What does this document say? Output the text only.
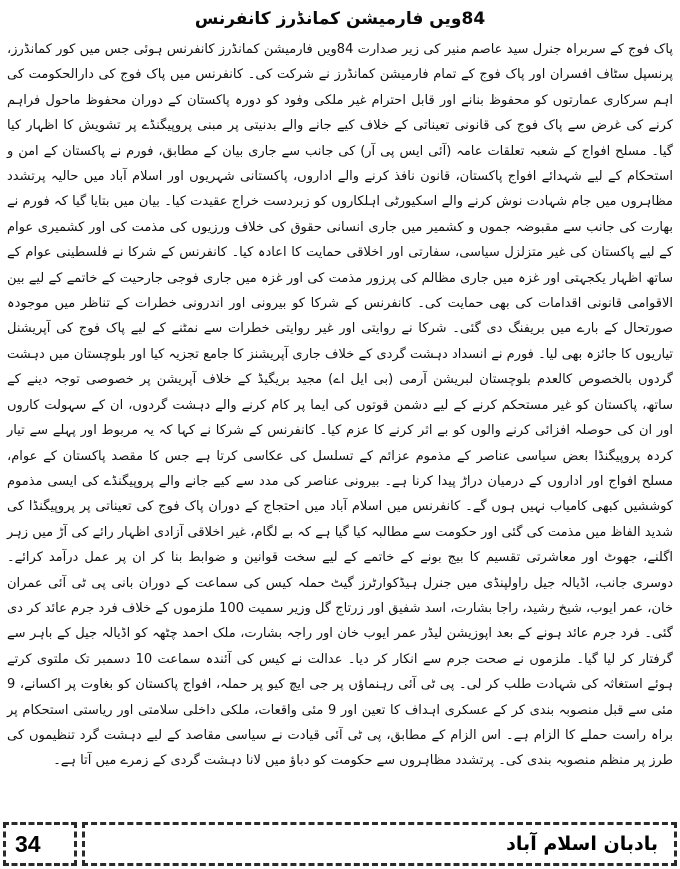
84ویں فارمیشن کمانڈرز کانفرنس
پاک فوج کے سربراہ جنرل سید عاصم منیر کی زیر صدارت 84ویں فارمیشن کمانڈرز کانفرنس ہوئی جس میں کور کمانڈرز، پرنسپل سٹاف افسران اور پاک فوج کے تمام فارمیشن کمانڈرز نے شرکت کی۔ کانفرنس میں پاک فوج کی دارالحکومت کی اہم سرکاری عمارتوں کو محفوظ بنانے اور قابل احترام غیر ملکی وفود کو دورہ پاکستان کے دوران محفوظ ماحول فراہم کرنے کی غرض سے پاک فوج کی قانونی تعیناتی کے خلاف کیے جانے والے بدنیتی پر مبنی پروپیگنڈے پر تشویش کا اظہار کیا گیا۔ مسلح افواج کے شعبہ تعلقات عامہ (آئی ایس پی آر) کی جانب سے جاری بیان کے مطابق، فورم نے پاکستان کے امن و استحکام کے لیے شہدائے افواج پاکستان، قانون نافذ کرنے والے اداروں، پاکستانی شہریوں اور اسلام آباد میں حالیہ پرتشدد مظاہروں میں جام شہادت نوش کرنے والے اسکیورٹی اہلکاروں کو زبردست خراج عقیدت کیا۔ بیان میں بتایا گیا کہ فورم نے بھارت کی جانب سے مقبوضہ جموں و کشمیر میں جاری انسانی حقوق کی خلاف ورزیوں کی مذمت کی اور کشمیری عوام کے لیے پاکستان کی غیر متزلزل سیاسی، سفارتی اور اخلاقی حمایت کا اعادہ کیا۔ کانفرنس کے شرکا نے فلسطینی عوام کے ساتھ اظہار یکجہتی اور غزہ میں جاری مظالم کی پرزور مذمت کی اور غزہ میں جاری فوجی جارحیت کے خاتمے کے لیے بین الاقوامی قانونی اقدامات کی بھی حمایت کی۔ کانفرنس کے شرکا کو بیرونی اور اندرونی خطرات کے تناظر میں موجودہ صورتحال کے بارے میں بریفنگ دی گئی۔ شرکا نے روایتی اور غیر روایتی خطرات سے نمٹنے کے لیے پاک فوج کی آپریشنل تیاریوں کا جائزہ بھی لیا۔ فورم نے انسداد دہشت گردی کے خلاف جاری آپریشنز کا جامع تجزیہ کیا اور بلوچستان میں دہشت گردوں بالخصوص کالعدم بلوچستان لبریشن آرمی (بی ایل اے) مجید بریگیڈ کے خلاف آپریشن پر خصوصی توجہ دینے کے ساتھ، پاکستان کو غیر مستحکم کرنے کے لیے دشمن قوتوں کی ایما پر کام کرنے والے دہشت گردوں، ان کے سہولت کاروں اور ان کی حوصلہ افزائی کرنے والوں کو بے اثر کرنے کا عزم کیا۔ کانفرنس کے شرکا نے کہا کہ یہ مربوط اور پہلے سے تیار کردہ پروپیگنڈا بعض سیاسی عناصر کے مذموم عزائم کے تسلسل کی عکاسی کرتا ہے جس کا مقصد پاکستان کے عوام، مسلح افواج اور اداروں کے درمیان دراڑ پیدا کرنا ہے۔ بیرونی عناصر کی مدد سے کیے جانے والے پروپیگنڈے کی ایسی مذموم کوششیں کبھی کامیاب نہیں ہوں گے۔ کانفرنس میں اسلام آباد میں احتجاج کے دوران پاک فوج کی تعیناتی پر پروپیگنڈا کی شدید الفاظ میں مذمت کی گئی اور حکومت سے مطالبہ کیا گیا ہے کہ بے لگام، غیر اخلاقی آزادی اظہار رائے کی آڑ میں زہر اگلنے، جھوٹ اور معاشرتی تقسیم کا بیج بونے کے خاتمے کے لیے سخت قوانین و ضوابط بنا کر ان پر عمل درآمد کرائے۔ دوسری جانب، اڈیالہ جیل راولپنڈی میں جنرل ہیڈکوارٹرز گیٹ حملہ کیس کی سماعت کے دوران بانی پی ٹی آئی عمران خان، عمر ایوب، شیخ رشید، راجا بشارت، اسد شفیق اور زرتاج گل وزیر سمیت 100 ملزموں کے خلاف فرد جرم عائد کر دی گئی۔ فرد جرم عائد ہونے کے بعد اپوزیشن لیڈر عمر ایوب خان اور راجہ بشارت، ملک احمد چٹھہ کو اڈیالہ جیل کے باہر سے گرفتار کر لیا گیا۔ ملزموں نے صحت جرم سے انکار کر دیا۔ عدالت نے کیس کی آئندہ سماعت 10 دسمبر تک ملتوی کرتے ہوئے استغاثہ کی شہادت طلب کر لی۔ پی ٹی آئی رہنماؤں پر جی ایچ کیو پر حملہ، افواج پاکستان کو بغاوت پر اکسانے، 9 مئی سے قبل منصوبہ بندی کر کے عسکری اہداف کا تعین اور 9 مئی واقعات، ملکی داخلی سلامتی اور ریاستی استحکام پر براہ راست حملے کا الزام ہے۔ اس الزام کے مطابق، پی ٹی آئی قیادت نے سیاسی مقاصد کے لیے دہشت گرد تنظیموں کی طرز پر منظم منصوبہ بندی کی۔ پرتشدد مظاہروں سے حکومت کو دباؤ میں لانا دہشت گردی کے زمرے میں آتا ہے۔
34	بادبان اسلام آباد
